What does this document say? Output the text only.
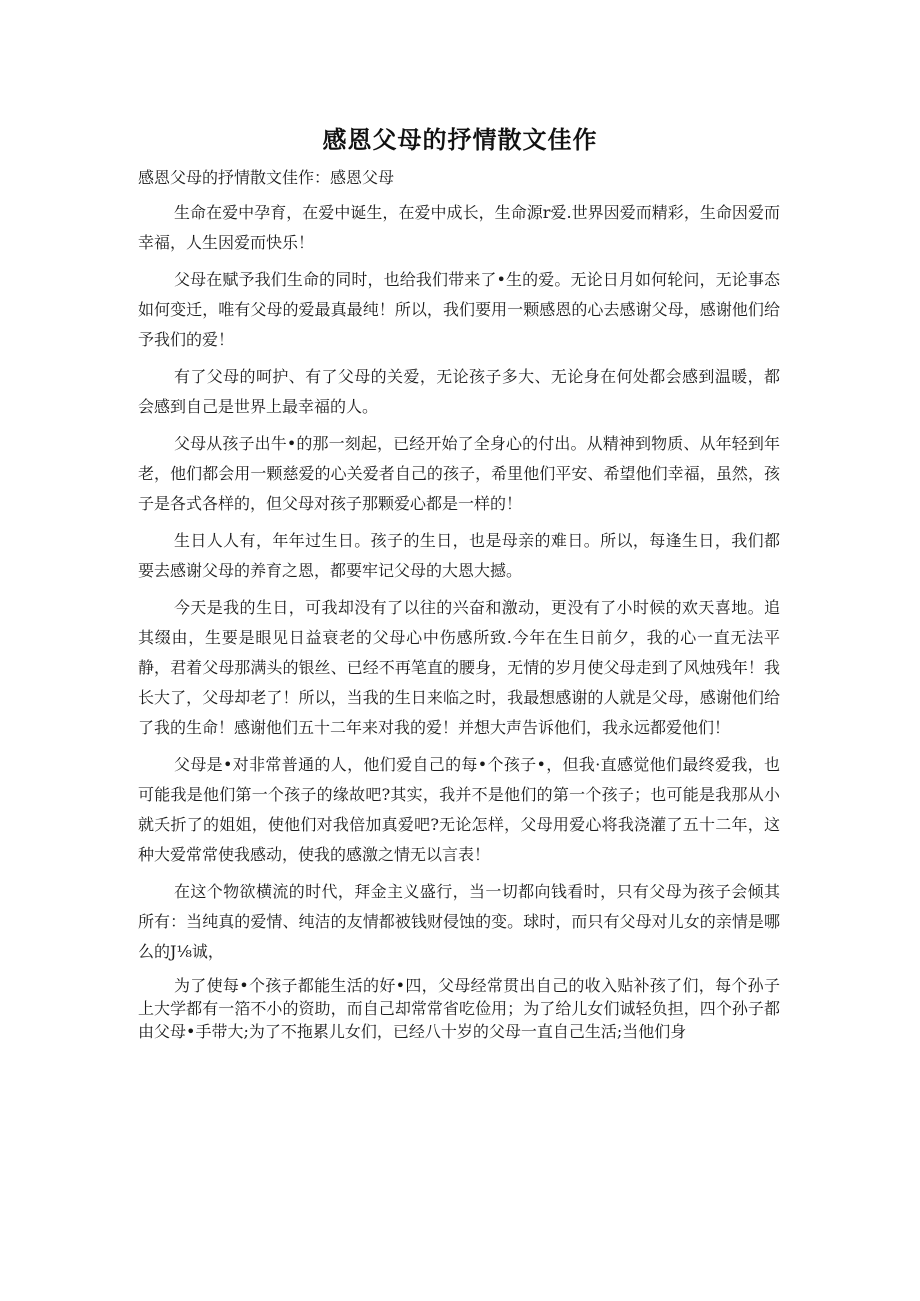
感恩父母的抒情散文佳作
感恩父母的抒情散文佳作：感恩父母

生命在爱中孕育，在爱中诞生，在爱中成长，生命源r爱.世界因爱而精彩，生命因爱而幸福，人生因爱而快乐！

父母在赋予我们生命的同时，也给我们带来了•生的爱。无论日月如何轮问，无论事态如何变迁，唯有父母的爱最真最纯！所以，我们要用一颗感恩的心去感谢父母，感谢他们给予我们的爱！

有了父母的呵护、有了父母的关爱，无论孩子多大、无论身在何处都会感到温暖，都会感到自己是世界上最幸福的人。

父母从孩子出牛•的那一刻起，已经开始了全身心的付出。从精神到物质、从年轻到年老，他们都会用一颗慈爱的心关爱者自己的孩子，希里他们平安、希望他们幸福，虽然，孩子是各式各样的，但父母对孩子那颗爱心都是一样的！

生日人人有，年年过生日。孩子的生日，也是母亲的难日。所以，每逢生日，我们都要去感谢父母的养育之恩，都要牢记父母的大恩大撼。

今天是我的生日，可我却没有了以往的兴奋和激动，更没有了小时候的欢天喜地。追其缀由，生要是眼见日益衰老的父母心中伤感所致.今年在生日前夕，我的心一直无法平静，君着父母那满头的银丝、已经不再笔直的腰身，无情的岁月使父母走到了风烛残年！我长大了，父母却老了！所以，当我的生日来临之时，我最想感谢的人就是父母，感谢他们给了我的生命！感谢他们五十二年来对我的爱！并想大声告诉他们，我永远都爱他们！

父母是•对非常普通的人，他们爱自己的每•个孩子•，但我·直感觉他们最终爱我，也可能我是他们第一个孩子的缘故吧?其实，我并不是他们的第一个孩子；也可能是我那从小就夭折了的姐姐，使他们对我倍加真爱吧?无论怎样，父母用爱心将我浇灌了五十二年，这种大爱常常使我感动，使我的感激之情无以言表！

在这个物欲横流的时代，拜金主义盛行，当一切都向钱看时，只有父母为孩子会倾其所有：当纯真的爱情、纯洁的友情都被钱财侵蚀的变。球时，而只有父母对儿女的亲情是哪么的J⅛诚，

为了使每•个孩子都能生活的好•四，父母经常贯出自己的收入贴补孩了们，每个孙子上大学都有一箔不小的资助，而自己却常常省吃俭用；为了给儿女们诚轻负担，四个孙子都由父母•手带大;为了不拖累儿女们，已经八十岁的父母一直自己生活;当他们身
